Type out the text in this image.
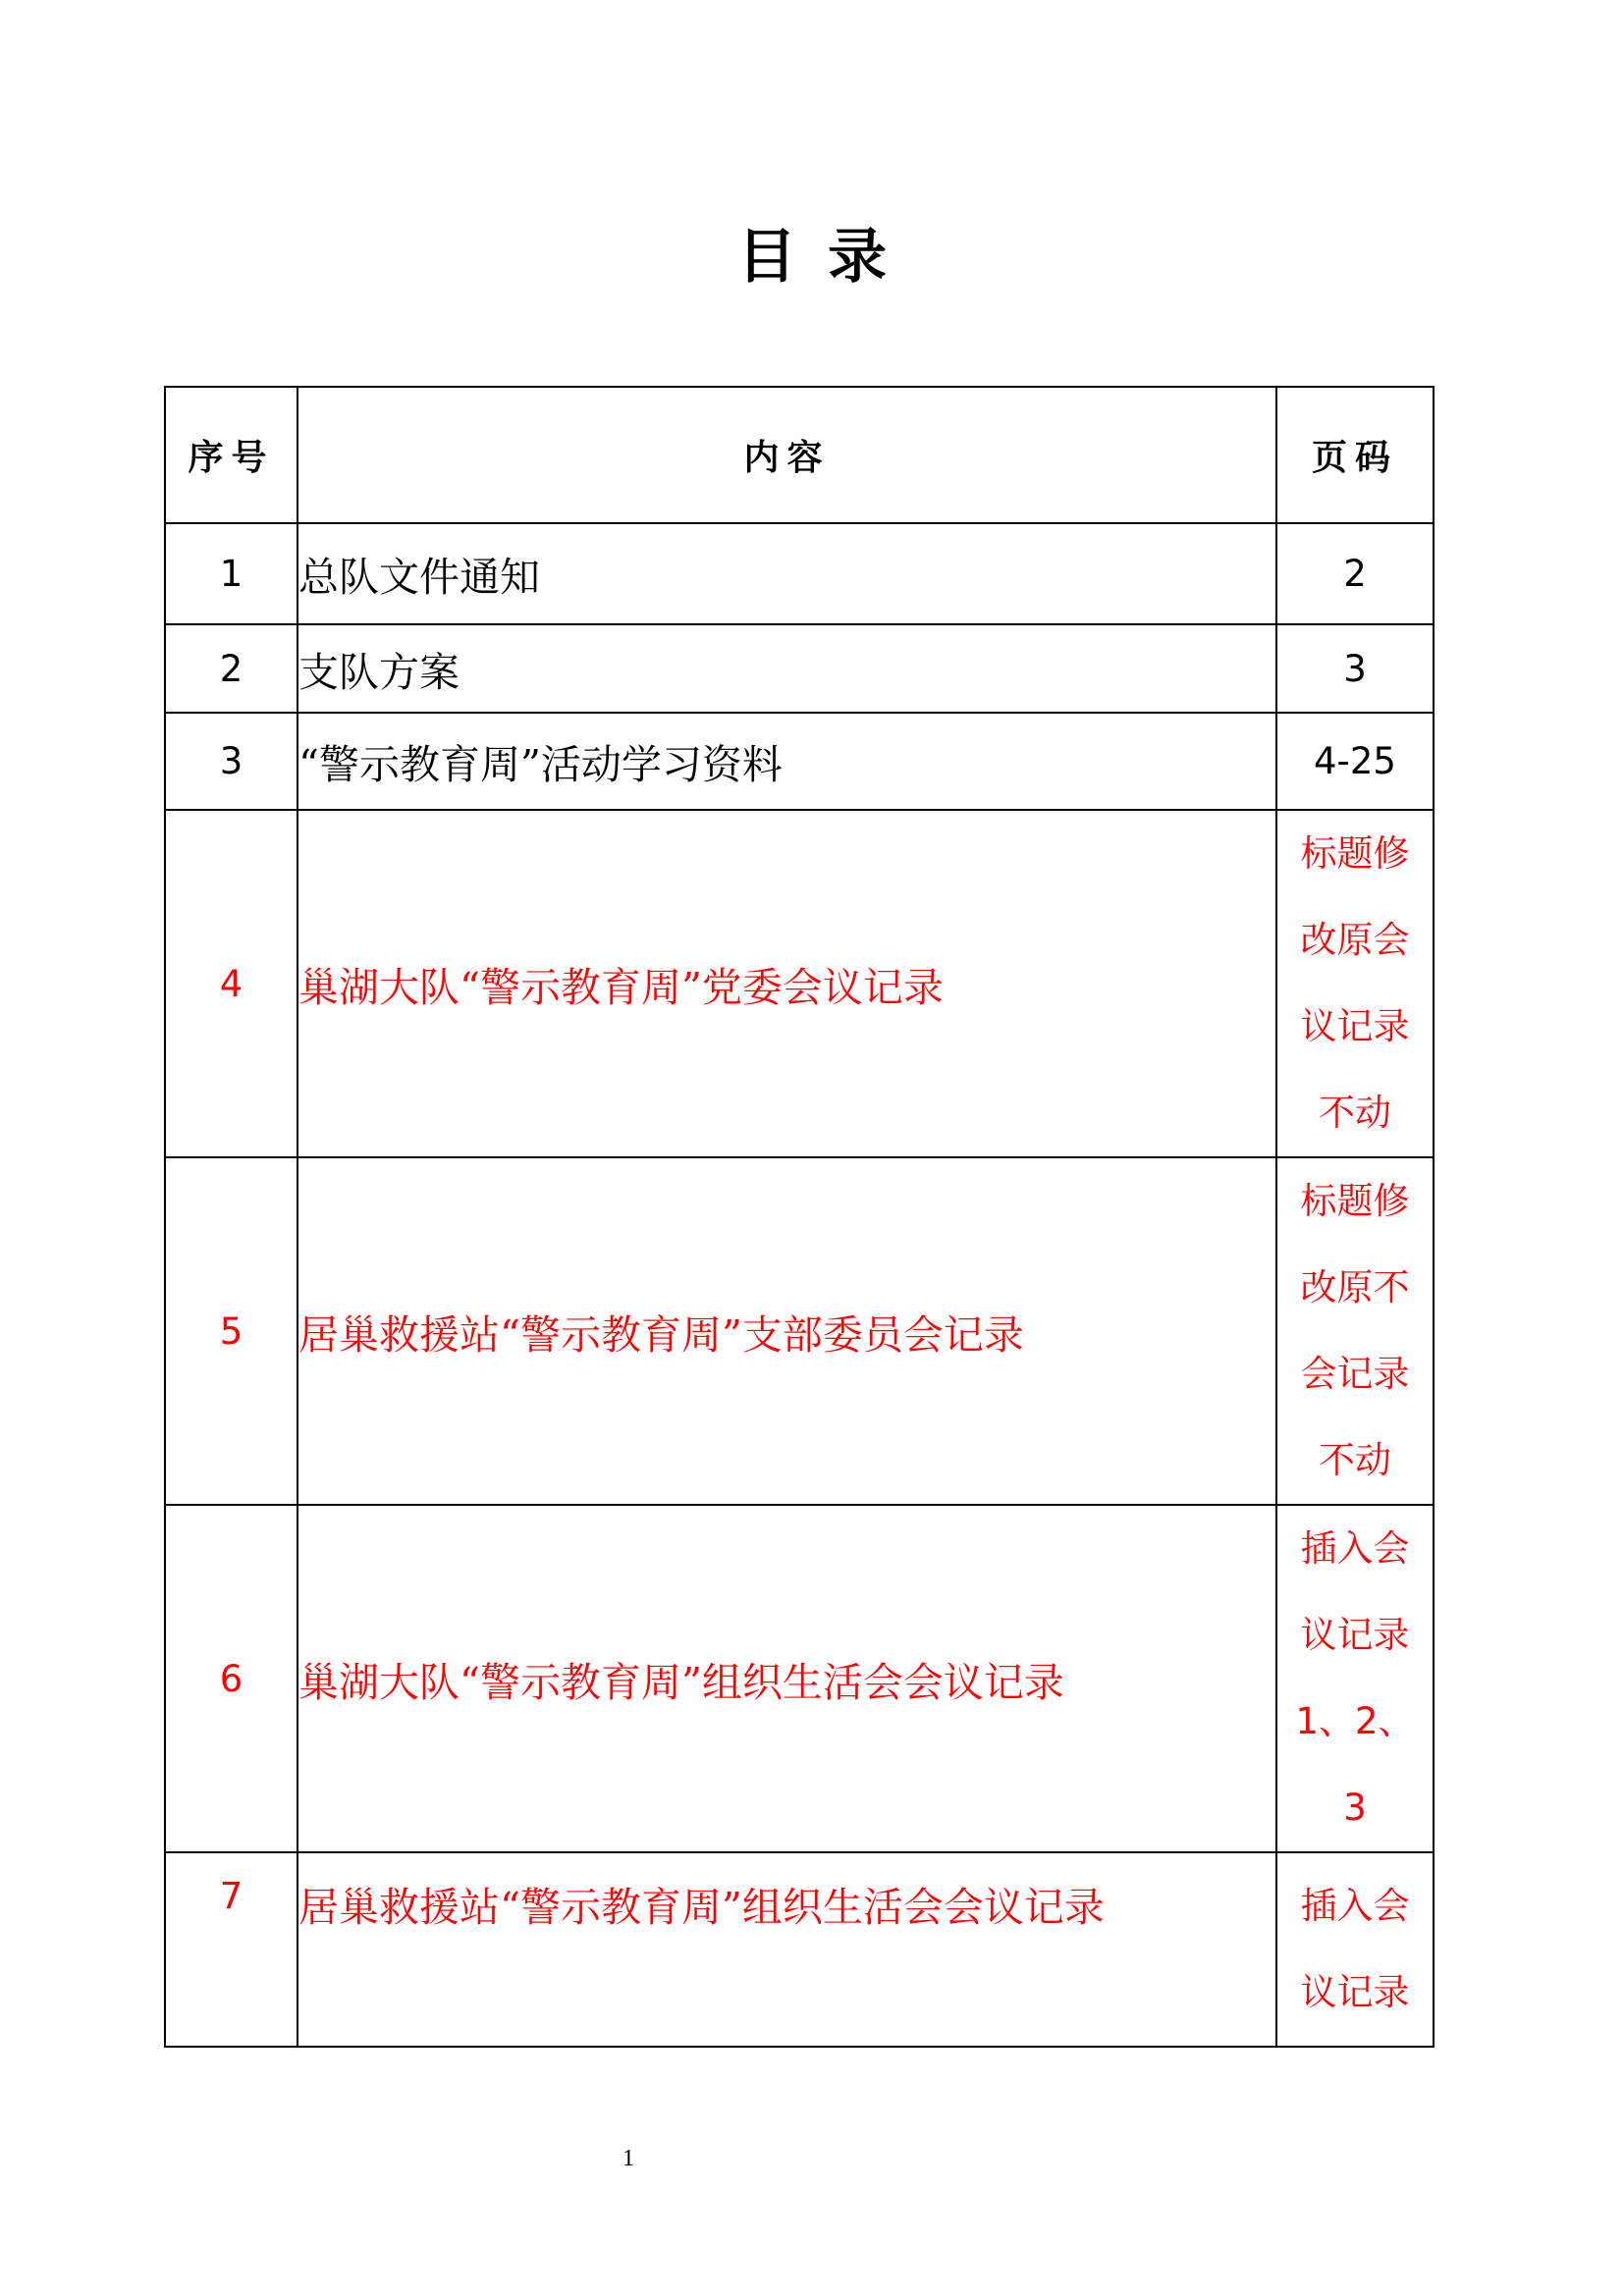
目录
序号	内容	页码
1	总队文件通知	2
2	支队方案	3
3	“警示教育周”活动学习资料	4-25
4	巢湖大队“警示教育周”党委会议记录	标题修改原会议记录不动
5	居巢救援站“警示教育周”支部委员会记录	标题修改原不会记录不动
6	巢湖大队“警示教育周”组织生活会会议记录	插入会议记录1、2、3
7	居巢救援站“警示教育周”组织生活会会议记录	插入会议记录
1
